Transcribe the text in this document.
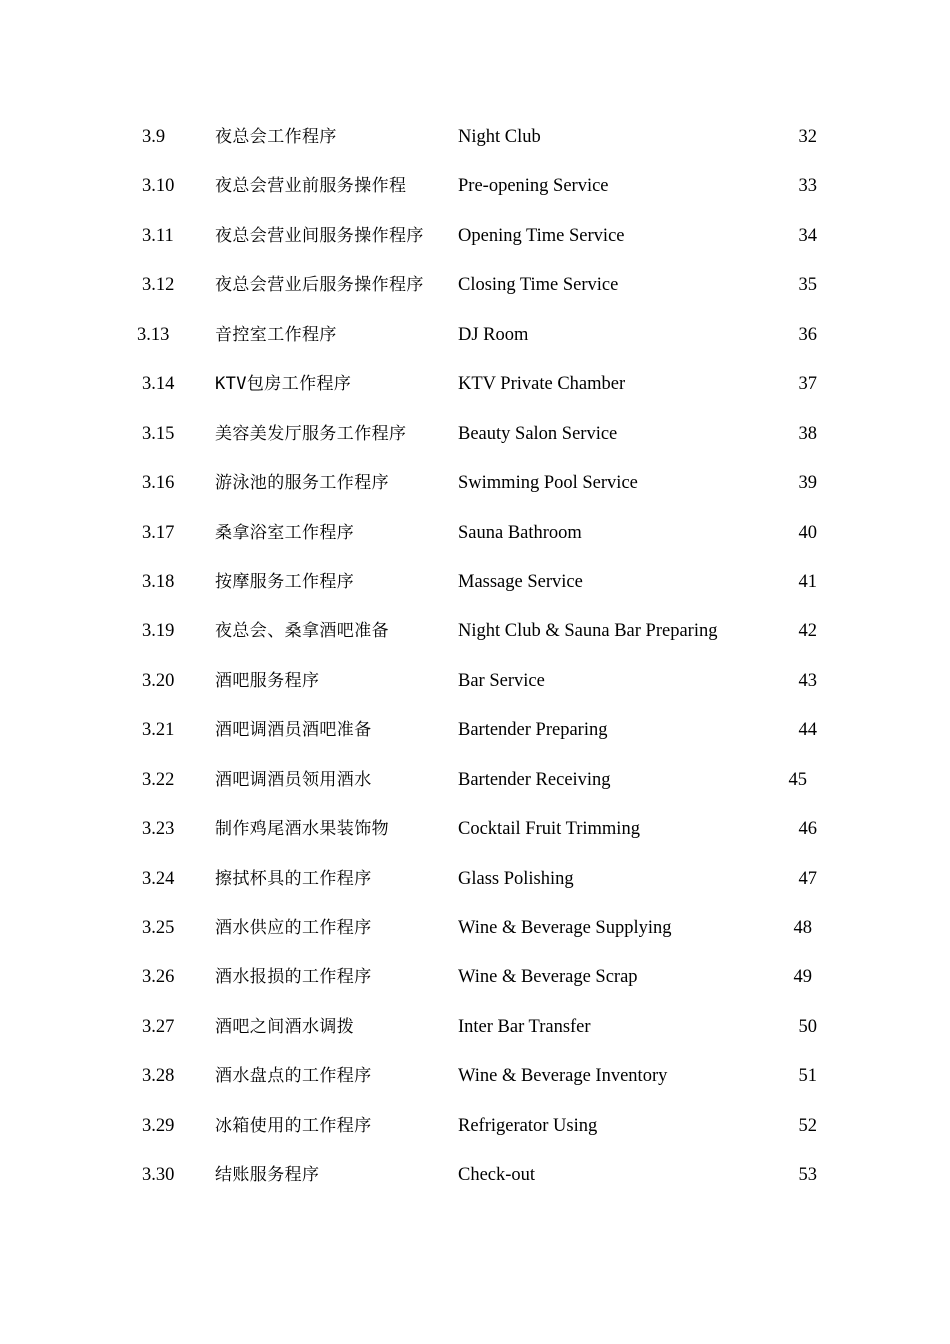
3.9	夜总会工作程序	Night Club	32
3.10 夜总会营业前服务操作程	Pre-opening Service	33
3.11 夜总会营业间服务操作程序 Opening Time Service	34
3.12 夜总会营业后服务操作程序 Closing Time Service	35
3.13	音控室工作程序	DJ Room	36
3.14 KTV包房工作程序	KTV Private Chamber	37
3.15 美容美发厅服务工作程序	Beauty Salon Service	38
3.16 游泳池的服务工作程序	Swimming Pool Service	39
3.17 桑拿浴室工作程序	Sauna Bathroom	40
3.18 按摩服务工作程序	Massage Service	41
3.19 夜总会、桑拿酒吧准备	Night Club & Sauna Bar Preparing	42
3.20 酒吧服务程序	Bar Service	43
3.21 酒吧调酒员酒吧准备	Bartender Preparing	44
3.22 酒吧调酒员领用酒水	Bartender Receiving	45
3.23 制作鸡尾酒水果装饰物	Cocktail Fruit Trimming	46
3.24 擦拭杯具的工作程序	Glass Polishing	47
3.25 酒水供应的工作程序	Wine & Beverage Supplying	48
3.26 酒水报损的工作程序	Wine & Beverage Scrap	49
3.27 酒吧之间酒水调拨	Inter Bar Transfer	50
3.28 酒水盘点的工作程序	Wine & Beverage Inventory	51
3.29 冰箱使用的工作程序	Refrigerator Using	52
3.30 结账服务程序	Check-out	53
